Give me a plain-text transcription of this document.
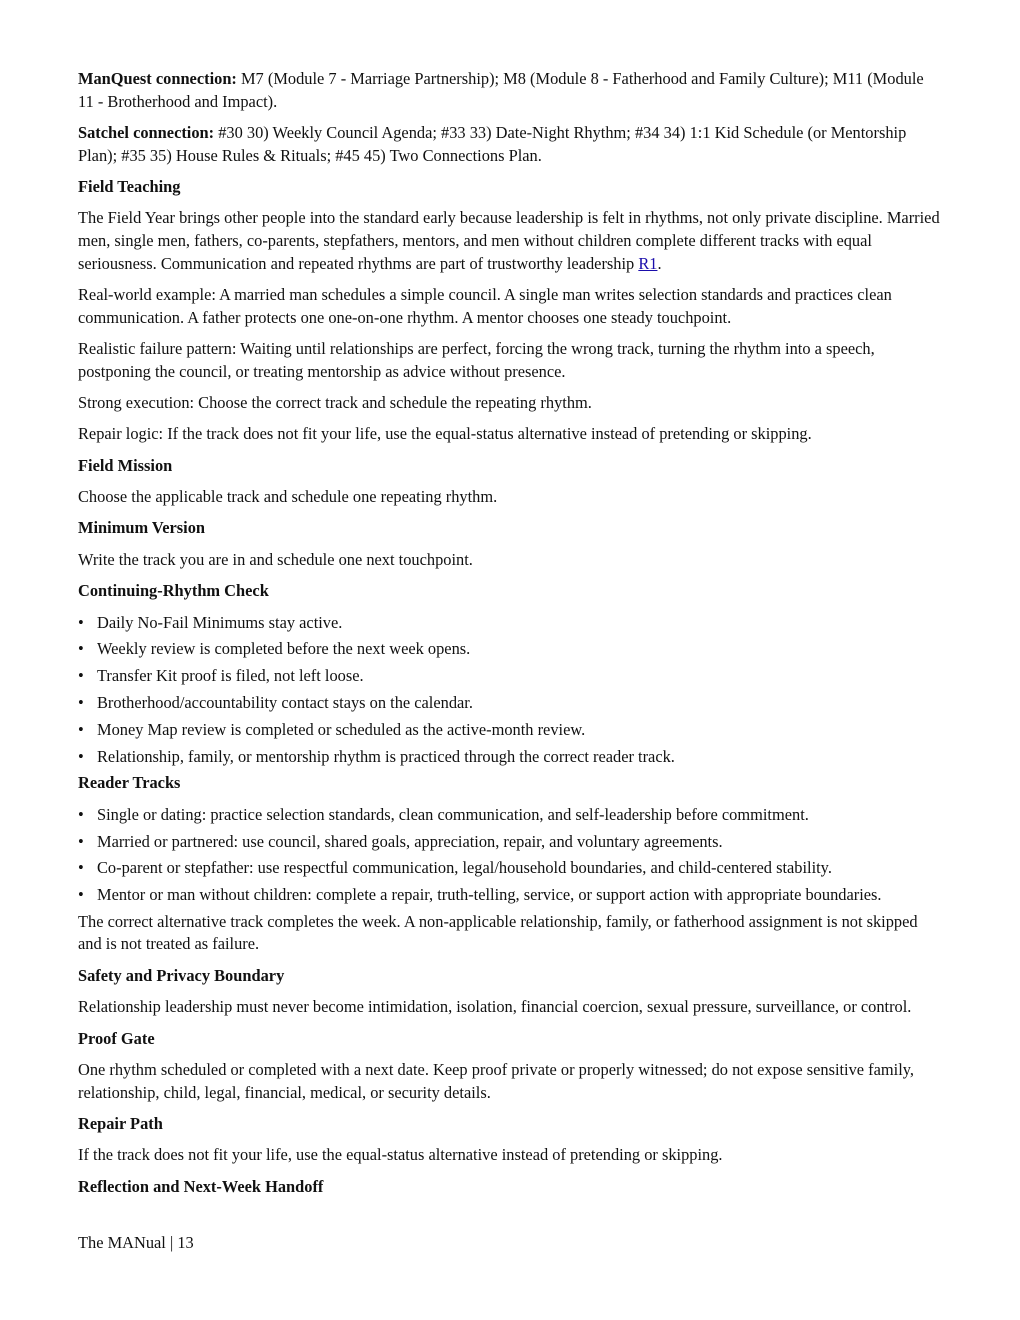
ManQuest connection: M7 (Module 7 - Marriage Partnership); M8 (Module 8 - Fatherhood and Family Culture); M11 (Module 11 - Brotherhood and Impact).

Satchel connection: #30 30) Weekly Council Agenda; #33 33) Date-Night Rhythm; #34 34) 1:1 Kid Schedule (or Mentorship Plan); #35 35) House Rules & Rituals; #45 45) Two Connections Plan.

Field Teaching

The Field Year brings other people into the standard early because leadership is felt in rhythms, not only private discipline. Married men, single men, fathers, co-parents, stepfathers, mentors, and men without children complete different tracks with equal seriousness. Communication and repeated rhythms are part of trustworthy leadership R1.

Real-world example: A married man schedules a simple council. A single man writes selection standards and practices clean communication. A father protects one one-on-one rhythm. A mentor chooses one steady touchpoint.

Realistic failure pattern: Waiting until relationships are perfect, forcing the wrong track, turning the rhythm into a speech, postponing the council, or treating mentorship as advice without presence.

Strong execution: Choose the correct track and schedule the repeating rhythm.

Repair logic: If the track does not fit your life, use the equal-status alternative instead of pretending or skipping.

Field Mission

Choose the applicable track and schedule one repeating rhythm.

Minimum Version

Write the track you are in and schedule one next touchpoint.

Continuing-Rhythm Check
• Daily No-Fail Minimums stay active.
• Weekly review is completed before the next week opens.
• Transfer Kit proof is filed, not left loose.
• Brotherhood/accountability contact stays on the calendar.
• Money Map review is completed or scheduled as the active-month review.
• Relationship, family, or mentorship rhythm is practiced through the correct reader track.
Reader Tracks
• Single or dating: practice selection standards, clean communication, and self-leadership before commitment.
• Married or partnered: use council, shared goals, appreciation, repair, and voluntary agreements.
• Co-parent or stepfather: use respectful communication, legal/household boundaries, and child-centered stability.
• Mentor or man without children: complete a repair, truth-telling, service, or support action with appropriate boundaries.

The correct alternative track completes the week. A non-applicable relationship, family, or fatherhood assignment is not skipped and is not treated as failure.

Safety and Privacy Boundary

Relationship leadership must never become intimidation, isolation, financial coercion, sexual pressure, surveillance, or control.

Proof Gate

One rhythm scheduled or completed with a next date. Keep proof private or properly witnessed; do not expose sensitive family, relationship, child, legal, financial, medical, or security details.

Repair Path

If the track does not fit your life, use the equal-status alternative instead of pretending or skipping.

Reflection and Next-Week Handoff
The MANual | 13
